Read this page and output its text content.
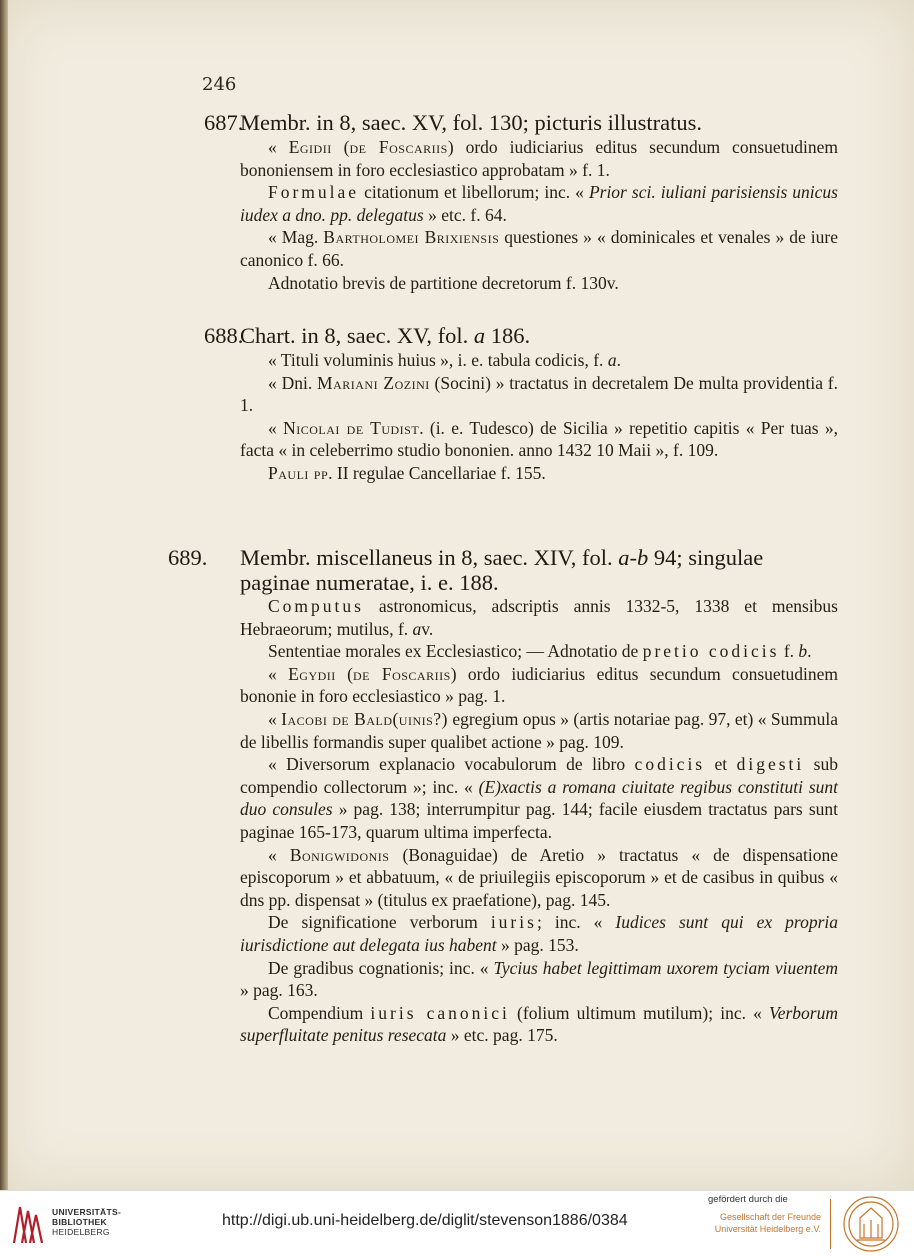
246
687.Membr. in 8, saec. XV, fol. 130; picturis illustratus.

« Egidii (de Foscariis) ordo iudiciarius editus secundum consuetudinem bononiensem in foro ecclesiastico approbatam » f. 1.

Formulae citationum et libellorum; inc. « Prior sci. iuliani parisiensis unicus iudex a dno. pp. delegatus » etc. f. 64.

« Mag. Bartholomei Brixiensis questiones » « dominicales et venales » de iure canonico f. 66.

Adnotatio brevis de partitione decretorum f. 130v.

688.Chart. in 8, saec. XV, fol. a 186.

« Tituli voluminis huius », i. e. tabula codicis, f. a.

« Dni. Mariani Zozini (Socini) » tractatus in decretalem De multa providentia f. 1.

« Nicolai de Tudist. (i. e. Tudesco) de Sicilia » repetitio capitis « Per tuas », facta « in celeberrimo studio bononien. anno 1432 10 Maii », f. 109.

Pauli pp. II regulae Cancellariae f. 155.

689. Membr. miscellaneus in 8, saec. XIV, fol. a-b 94; singulae paginae numeratae, i. e. 188.

Computus astronomicus, adscriptis annis 1332-5, 1338 et mensibus Hebraeorum; mutilus, f. av.

Sententiae morales ex Ecclesiastico; — Adnotatio de pretio codicis f. b.

« Egydii (de Foscariis) ordo iudiciarius editus secundum consuetudinem bononie in foro ecclesiastico » pag. 1.

« Iacobi de Bald(uinis?) egregium opus » (artis notariae pag. 97, et) « Summula de libellis formandis super qualibet actione » pag. 109.

« Diversorum explanacio vocabulorum de libro codicis et digesti sub compendio collectorum »; inc. « (E)xactis a romana ciuitate regibus constituti sunt duo consules » pag. 138; interrumpitur pag. 144; facile eiusdem tractatus pars sunt paginae 165-173, quarum ultima imperfecta.

« Bonigwidonis (Bonaguidae) de Aretio » tractatus « de dispensatione episcoporum » et abbatuum, « de priuilegiis episcoporum » et de casibus in quibus « dns pp. dispensat » (titulus ex praefatione), pag. 145.

De significatione verborum iuris; inc. « Iudices sunt qui ex propria iurisdictione aut delegata ius habent » pag. 153.

De gradibus cognationis; inc. « Tycius habet legittimam uxorem tyciam viuentem » pag. 163.

Compendium iuris canonici (folium ultimum mutilum); inc. « Verborum superfluitate penitus resecata » etc. pag. 175.

UNIVERSITÄTS-
BIBLIOTHEK
HEIDELBERG
http://digi.ub.uni-heidelberg.de/diglit/stevenson1886/0384
gefördert durch die
Gesellschaft der Freunde
Universität Heidelberg e.V.
